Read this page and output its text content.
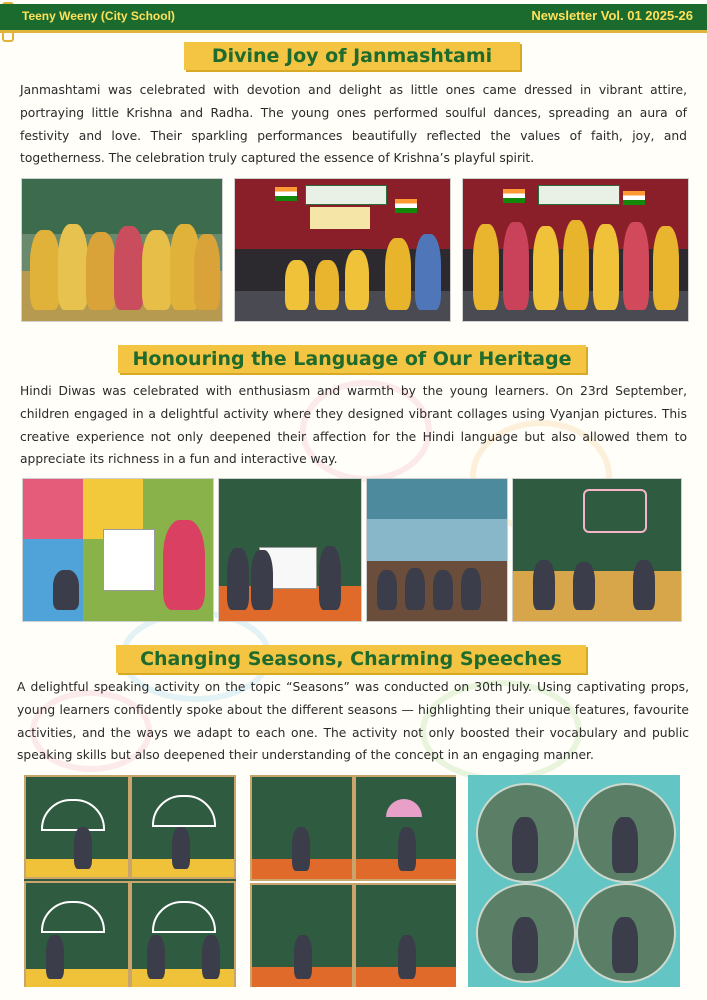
Teeny Weeny (City School)	Newsletter Vol. 01 2025-26
Divine Joy of Janmashtami
Janmashtami was celebrated with devotion and delight as little ones came dressed in vibrant attire, portraying little Krishna and Radha. The young ones performed soulful dances, spreading an aura of festivity and love. Their sparkling performances beautifully reflected the values of faith, joy, and togetherness. The celebration truly captured the essence of Krishna’s playful spirit.
Honouring the Language of Our Heritage
Hindi Diwas was celebrated with enthusiasm and warmth by the young learners. On 23rd September, children engaged in a delightful activity where they designed vibrant collages using Vyanjan pictures. This creative experience not only deepened their affection for the Hindi language but also allowed them to appreciate its richness in a fun and interactive way.
Changing Seasons, Charming Speeches
A delightful speaking activity on the topic “Seasons” was conducted on 30th July. Using captivating props, young learners confidently spoke about the different seasons — highlighting their unique features, favourite activities, and the ways we adapt to each one. The activity not only boosted their vocabulary and public speaking skills but also deepened their understanding of the concept in an engaging manner.
